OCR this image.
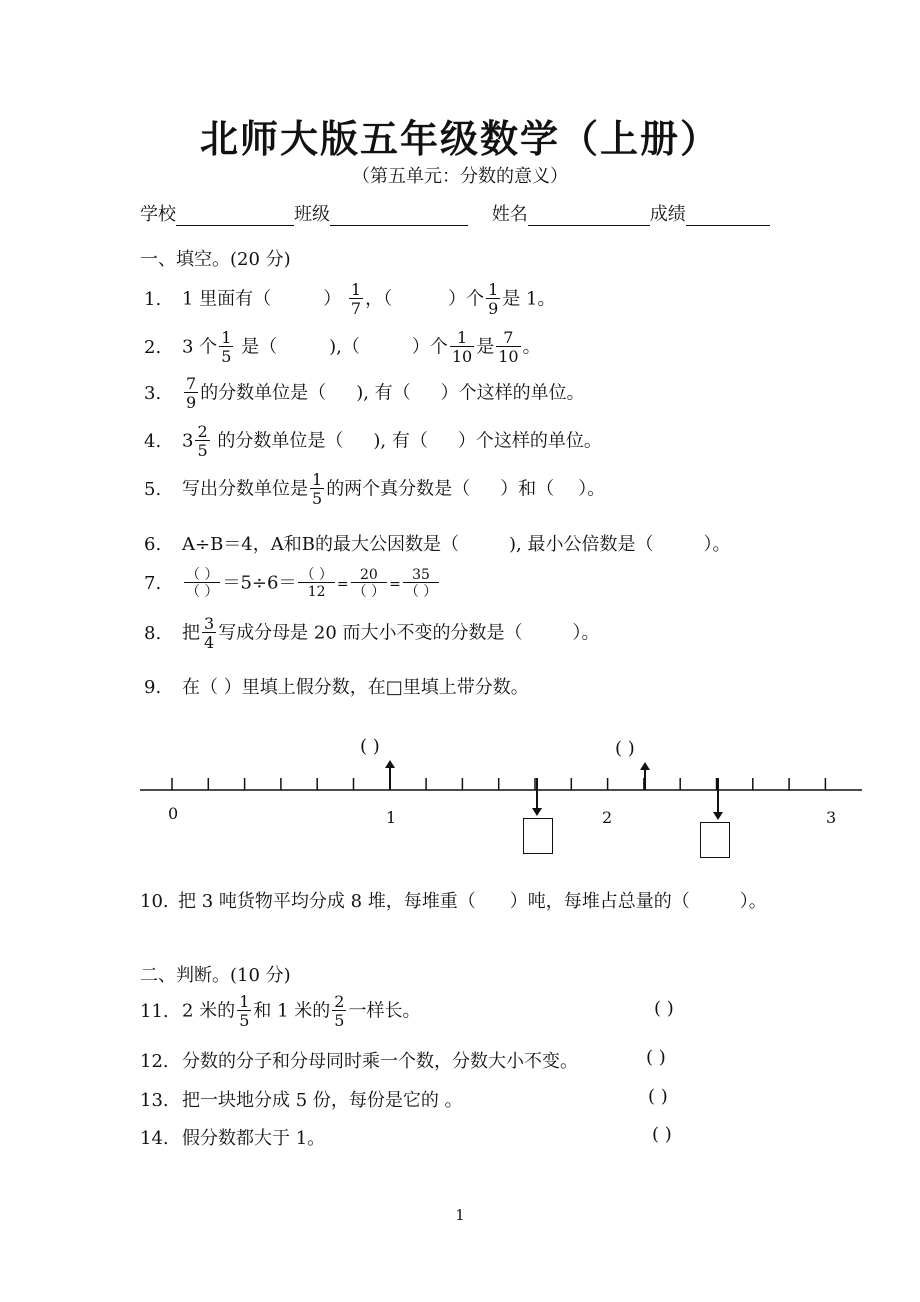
北师大版五年级数学（上册）
（第五单元：分数的意义）
学校	班级	姓名	成绩
一、填空。(20 分)
1. 1 里面有（	） $\frac{1}{7}$ ，（	）个 $\frac{1}{9}$ 是 1。
2. 3 个 $\frac{1}{5}$ 是（	),（	）个 $\frac{1}{10}$ 是 $\frac{7}{10}$ 。
3. $\frac{7}{9}$ 的分数单位是（ ), 有（ ）个这样的单位。
4. $3 \frac{2}{5}$ 的分数单位是（ ), 有（ ）个这样的单位。
5. 写出分数单位是 $\frac{1}{5}$ 的两个真分数是（ ）和（ ）。
6. A÷B＝4，A和B的最大公因数是（	), 最小公倍数是（	）。
7. $\frac{( )}{( )} =5\div 6= \frac{( )}{12} = \frac{20}{( )} = \frac{35}{( )}$
8. 把 $\frac{3}{4}$ 写成分母是 20 而大小不变的分数是（	）。
9. 在（ ）里填上假分数，在□里填上带分数。
( )	( )
0	1	2	3
10. 把 3 吨货物平均分成 8 堆，每堆重（ ）吨，每堆占总量的（	）。
二、判断。(10 分)
11. 2 米的 $\frac{1}{5}$ 和 1 米的 $\frac{2}{5}$ 一样长。	( )
12. 分数的分子和分母同时乘一个数，分数大小不变。	( )
13. 把一块地分成 5 份，每份是它的 。	( )
14. 假分数都大于 1。	( )
1
